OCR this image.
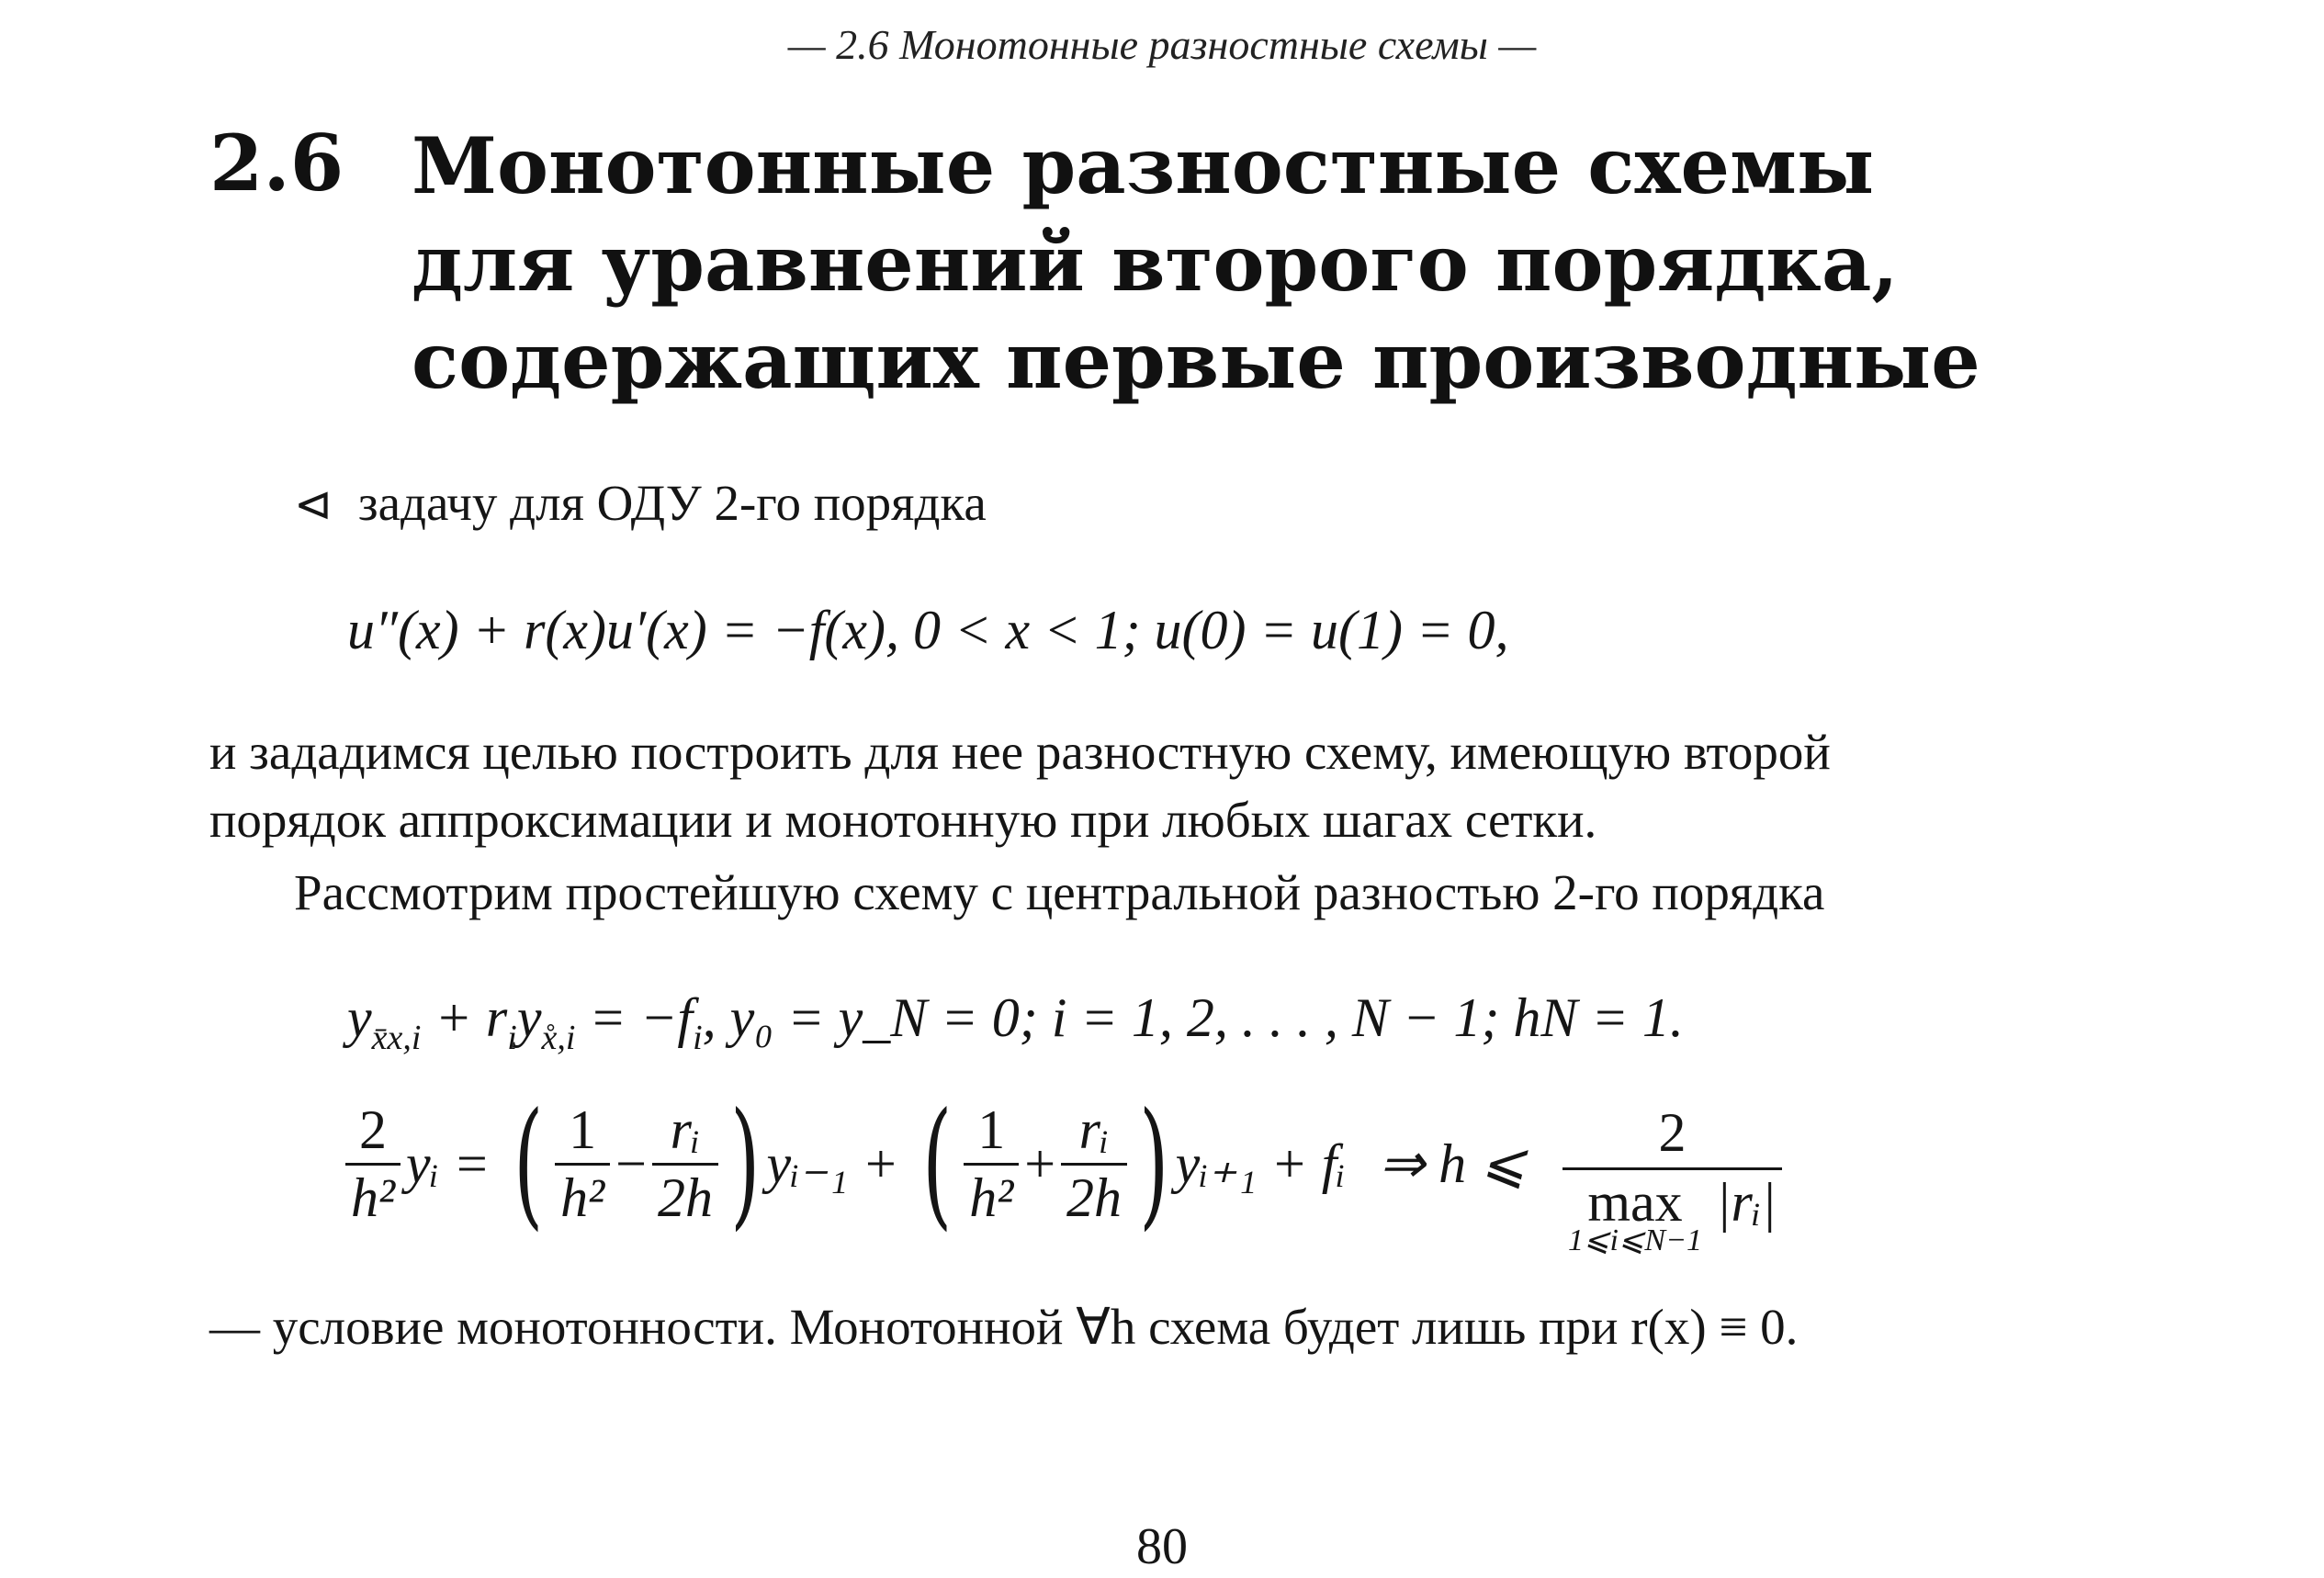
— 2.6 Монотонные разностные схемы —
2.6 Монотонные разностные схемы
для уравнений второго порядка,
содержащих первые производные
⊲ задачу для ОДУ 2-го порядка
u″(x) + r(x)u′(x) = −f(x), 0 < x < 1; u(0) = u(1) = 0,
и зададимся целью построить для нее разностную схему, имеющую второй
порядок аппроксимации и монотонную при любых шагах сетки.
Рассмотрим простейшую схему с центральной разностью 2-го порядка
$y_{x̄x,i} + r_iy_{x̊,i} = -f_i$, y₀ = y_N = 0; i = 1, 2, . . . , N − 1; hN = 1.
$\frac{2}{\text{h²}}$ yᵢ = ( $\frac{1}{\text{h²}} - \frac{\text{rᵢ}}{2h}$ ) yᵢ₋₁ + ( $\frac{1}{\text{h²}} + \frac{\text{rᵢ}}{2h}$ ) yᵢ₊₁ + fᵢ ⇒ h ⩽ 2
max
1⩽i⩽N−1
|rᵢ|
— условие монотонности. Монотонной ∀h схема будет лишь при r(x) ≡ 0.
80
